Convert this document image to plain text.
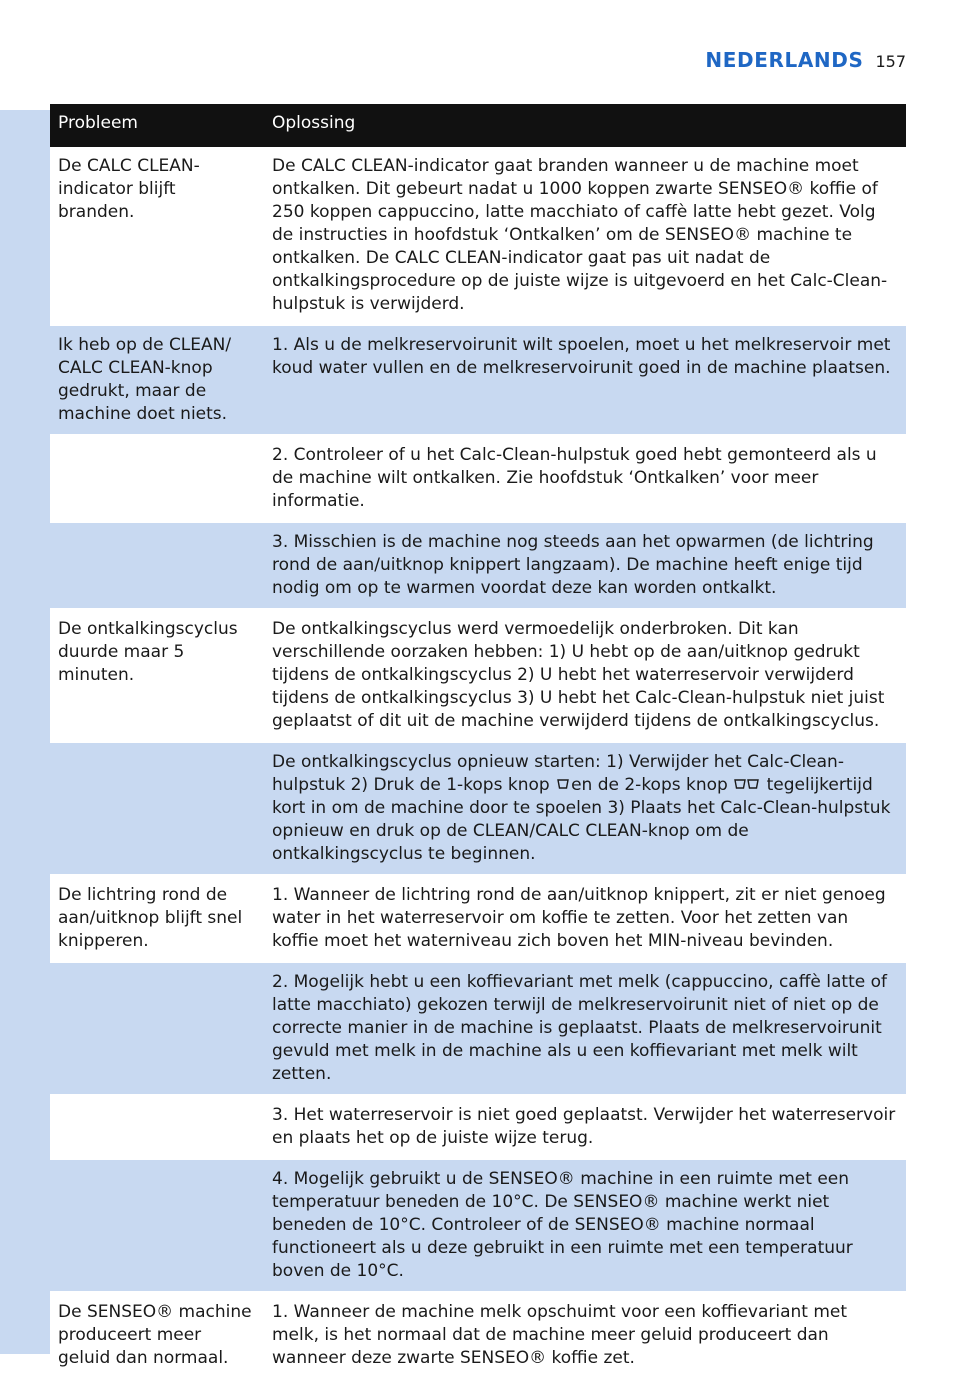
NEDERLANDS 157
Probleem	Oplossing
De CALC CLEAN-indicator blijft branden.	De CALC CLEAN-indicator gaat branden wanneer u de machine moet ontkalken. Dit gebeurt nadat u 1000 koppen zwarte SENSEO® koffie of 250 koppen cappuccino, latte macchiato of caffè latte hebt gezet. Volg de instructies in hoofdstuk ‘Ontkalken’ om de SENSEO® machine te ontkalken. De CALC CLEAN-indicator gaat pas uit nadat de ontkalkingsprocedure op de juiste wijze is uitgevoerd en het Calc-Clean-hulpstuk is verwijderd.
Ik heb op de CLEAN/ CALC CLEAN-knop gedrukt, maar de machine doet niets.	1. Als u de melkreservoirunit wilt spoelen, moet u het melkreservoir met koud water vullen en de melkreservoirunit goed in de machine plaatsen.
	2. Controleer of u het Calc-Clean-hulpstuk goed hebt gemonteerd als u de machine wilt ontkalken. Zie hoofdstuk ‘Ontkalken’ voor meer informatie.
	3. Misschien is de machine nog steeds aan het opwarmen (de lichtring rond de aan/uitknop knippert langzaam). De machine heeft enige tijd nodig om op te warmen voordat deze kan worden ontkalkt.
De ontkalkingscyclus duurde maar 5 minuten.	De ontkalkingscyclus werd vermoedelijk onderbroken. Dit kan verschillende oorzaken hebben: 1) U hebt op de aan/uitknop gedrukt tijdens de ontkalkingscyclus 2) U hebt het waterreservoir verwijderd tijdens de ontkalkingscyclus 3) U hebt het Calc-Clean-hulpstuk niet juist geplaatst of dit uit de machine verwijderd tijdens de ontkalkingscyclus.
	De ontkalkingscyclus opnieuw starten: 1) Verwijder het Calc-Clean-hulpstuk 2) Druk de 1-kops knop en de 2-kops knop  tegelijkertijd kort in om de machine door te spoelen 3) Plaats het Calc-Clean-hulpstuk opnieuw en druk op de CLEAN/CALC CLEAN-knop om de ontkalkingscyclus te beginnen.
De lichtring rond de aan/uitknop blijft snel knipperen.	1. Wanneer de lichtring rond de aan/uitknop knippert, zit er niet genoeg water in het waterreservoir om koffie te zetten. Voor het zetten van koffie moet het waterniveau zich boven het MIN-niveau bevinden.
	2. Mogelijk hebt u een koffievariant met melk (cappuccino, caffè latte of latte macchiato) gekozen terwijl de melkreservoirunit niet of niet op de correcte manier in de machine is geplaatst. Plaats de melkreservoirunit gevuld met melk in de machine als u een koffievariant met melk wilt zetten.
	3. Het waterreservoir is niet goed geplaatst. Verwijder het waterreservoir en plaats het op de juiste wijze terug.
	4. Mogelijk gebruikt u de SENSEO® machine in een ruimte met een temperatuur beneden de 10°C. De SENSEO® machine werkt niet beneden de 10°C. Controleer of de SENSEO® machine normaal functioneert als u deze gebruikt in een ruimte met een temperatuur boven de 10°C.
De SENSEO® machine produceert meer geluid dan normaal.	1. Wanneer de machine melk opschuimt voor een koffievariant met melk, is het normaal dat de machine meer geluid produceert dan wanneer deze zwarte SENSEO® koffie zet.
